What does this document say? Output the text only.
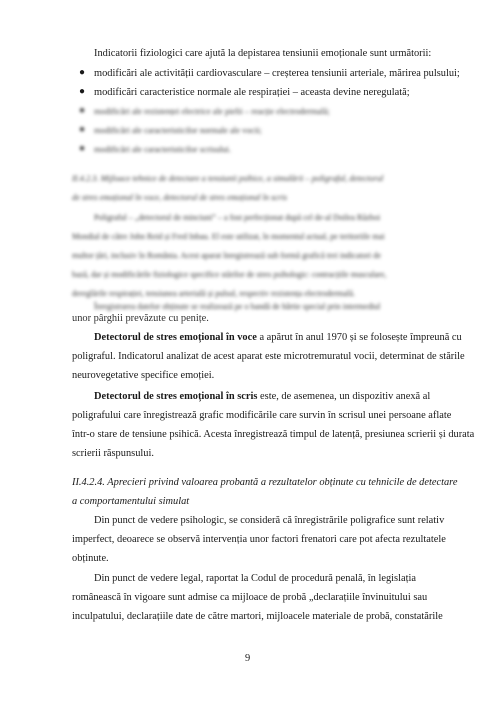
Indicatorii fiziologici care ajută la depistarea tensiunii emoționale sunt următorii:
● modificări ale activității cardiovasculare – creșterea tensiunii arteriale, mărirea pulsului;
● modificări caracteristice normale ale respirației – aceasta devine neregulată;
● modificări ale rezistenței electrice ale pielii – reacție electrodermală;
● modificări ale caracteristicilor normale ale vocii;
● modificări ale caracteristicilor scrisului.
II.4.2.3. Mijloace tehnice de detectare a tensiunii psihice, a simulării – poligraful, detectorul
de stres emoțional în voce, detectorul de stres emoțional în scris
Poligraful – „detectorul de minciuni” – a fost perfecționat după cel de-al Doilea Război
Mondial de către John Reid și Fred Inbau. El este utilizat, în momentul actual, pe teritoriile mai
multor țări, inclusiv în România. Acest aparat înregistrează sub formă grafică trei indicatori de
bază, dar și modificările fiziologice specifice stărilor de stres psihologic: contracțiile musculare,
dereglările respirației, tensiunea arterială și pulsul, respectiv rezistența electrodermală.
Înregistrarea datelor obținute se realizează pe o bandă de hârtie special prin intermediul
unor pârghii prevăzute cu penițe.
Detectorul de stres emoțional în voce a apărut în anul 1970 și se folosește împreună cu
poligraful. Indicatorul analizat de acest aparat este microtremuratul vocii, determinat de stările
neurovegetative specifice emoției.
Detectorul de stres emoțional în scris este, de asemenea, un dispozitiv anexă al
poligrafului care înregistrează grafic modificările care survin în scrisul unei persoane aflate
într-o stare de tensiune psihică. Acesta înregistrează timpul de latență, presiunea scrierii și durata
scrierii răspunsului.
II.4.2.4. Aprecieri privind valoarea probantă a rezultatelor obținute cu tehnicile de detectare
a comportamentului simulat
Din punct de vedere psihologic, se consideră că înregistrările poligrafice sunt relativ
imperfect, deoarece se observă intervenția unor factori frenatori care pot afecta rezultatele
obținute.
Din punct de vedere legal, raportat la Codul de procedură penală, în legislația
românească în vigoare sunt admise ca mijloace de probă „declarațiile învinuitului sau
inculpatului, declarațiile date de către martori, mijloacele materiale de probă, constatările
9
